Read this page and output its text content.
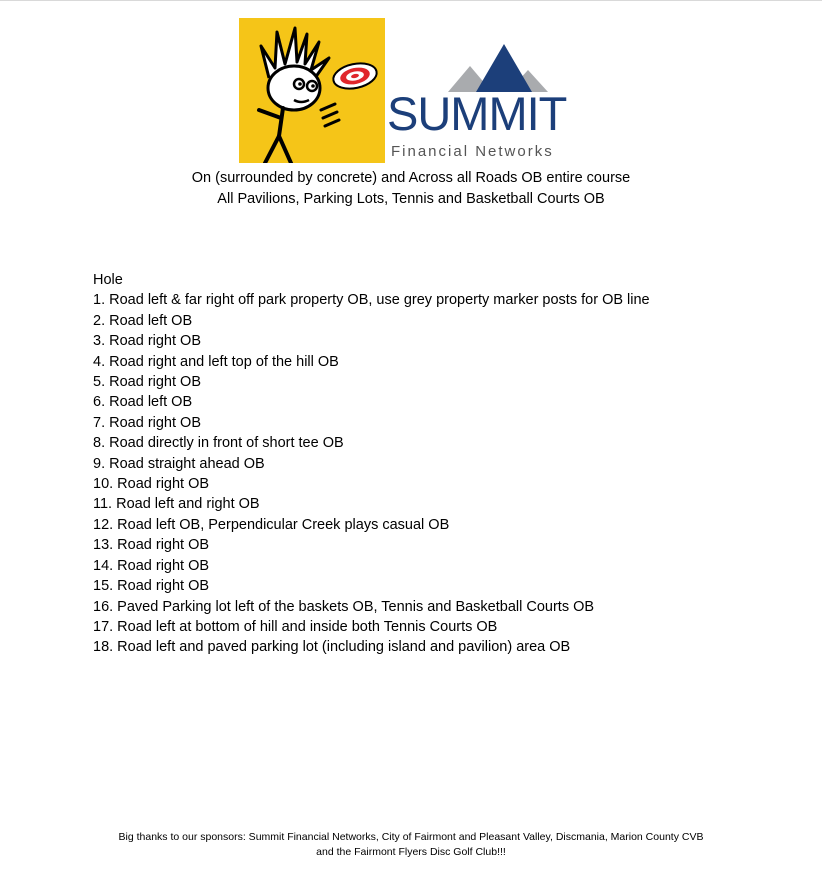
SUMMIT
Financial Networks
On (surrounded by concrete) and Across all Roads OB entire course
All Pavilions, Parking Lots, Tennis and Basketball Courts OB
Hole
1. Road left & far right off park property OB, use grey property marker posts for OB line
2. Road left OB
3. Road right OB
4. Road right and left top of the hill OB
5. Road right OB
6. Road left OB
7. Road right OB
8. Road directly in front of short tee OB
9. Road straight ahead OB
10. Road right OB
11. Road left and right OB
12. Road left OB, Perpendicular Creek plays casual OB
13. Road right OB
14. Road right OB
15. Road right OB
16. Paved Parking lot left of the baskets OB, Tennis and Basketball Courts OB
17. Road left at bottom of hill and inside both Tennis Courts OB
18. Road left and paved parking lot (including island and pavilion) area OB
Big thanks to our sponsors: Summit Financial Networks, City of Fairmont and Pleasant Valley, Discmania, Marion County CVB
and the Fairmont Flyers Disc Golf Club!!!
